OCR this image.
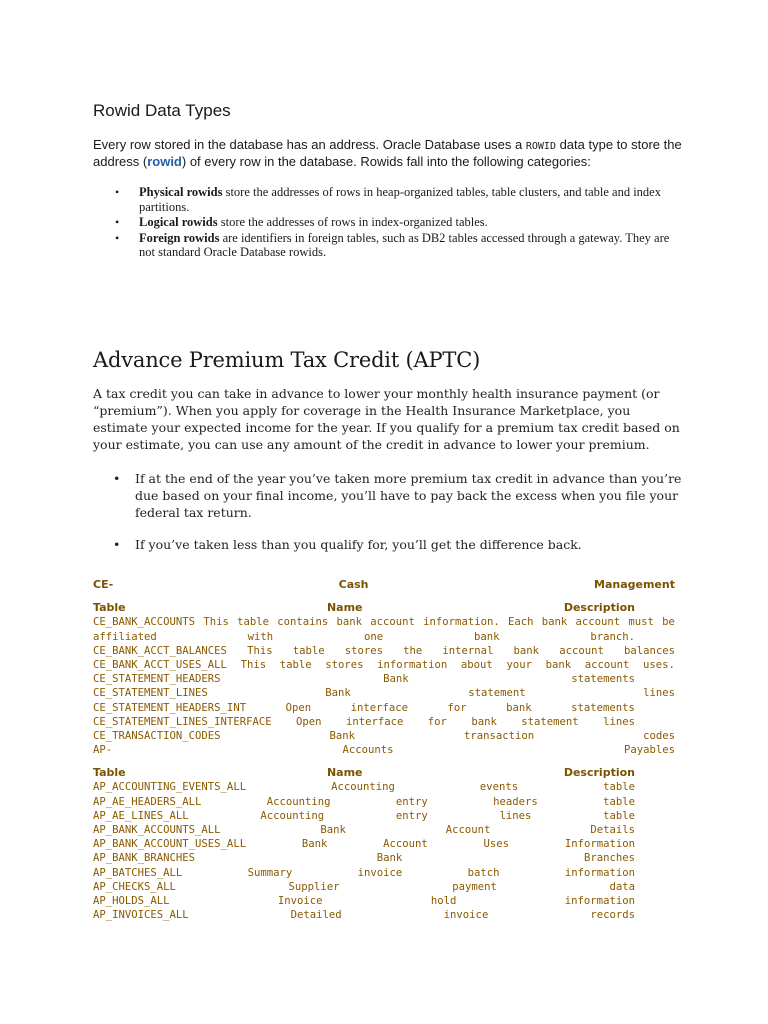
Rowid Data Types

Every row stored in the database has an address. Oracle Database uses a ROWID data type to store the address (rowid) of every row in the database. Rowids fall into the following categories:

• Physical rowids store the addresses of rows in heap-organized tables, table clusters, and table and index partitions.
• Logical rowids store the addresses of rows in index-organized tables.
• Foreign rowids are identifiers in foreign tables, such as DB2 tables accessed through a gateway. They are not standard Oracle Database rowids.
Advance Premium Tax Credit (APTC)

A tax credit you can take in advance to lower your monthly health insurance payment (or “premium”). When you apply for coverage in the Health Insurance Marketplace, you estimate your expected income for the year. If you qualify for a premium tax credit based on your estimate, you can use any amount of the credit in advance to lower your premium.

• If at the end of the year you’ve taken more premium tax credit in advance than you’re due based on your final income, you’ll have to pay back the excess when you file your federal tax return.
• If you’ve taken less than you qualify for, you’ll get the difference back.
CE-	Cash	Management
Table	Name	Description
CE_BANK_ACCOUNTS This table contains bank account information. Each bank account must be
affiliated	with	one	bank	branch.
CE_BANK_ACCT_BALANCES This table stores the internal bank account balances
CE_BANK_ACCT_USES_ALL This table stores information about your bank account uses.
CE_STATEMENT_HEADERS	Bank	statements
CE_STATEMENT_LINES	Bank	statement	lines
CE_STATEMENT_HEADERS_INT	Open	interface	for	bank	statements
CE_STATEMENT_LINES_INTERFACE Open interface for bank statement lines
CE_TRANSACTION_CODES	Bank	transaction	codes
AP-	Accounts	Payables
Table	Name	Description
AP_ACCOUNTING_EVENTS_ALL	Accounting	events	table
AP_AE_HEADERS_ALL	Accounting	entry	headers	table
AP_AE_LINES_ALL	Accounting	entry	lines	table
AP_BANK_ACCOUNTS_ALL	Bank	Account	Details
AP_BANK_ACCOUNT_USES_ALL	Bank	Account	Uses	Information
AP_BANK_BRANCHES	Bank	Branches
AP_BATCHES_ALL	Summary	invoice	batch	information
AP_CHECKS_ALL	Supplier	payment	data
AP_HOLDS_ALL	Invoice	hold	information
AP_INVOICES_ALL	Detailed	invoice	records
